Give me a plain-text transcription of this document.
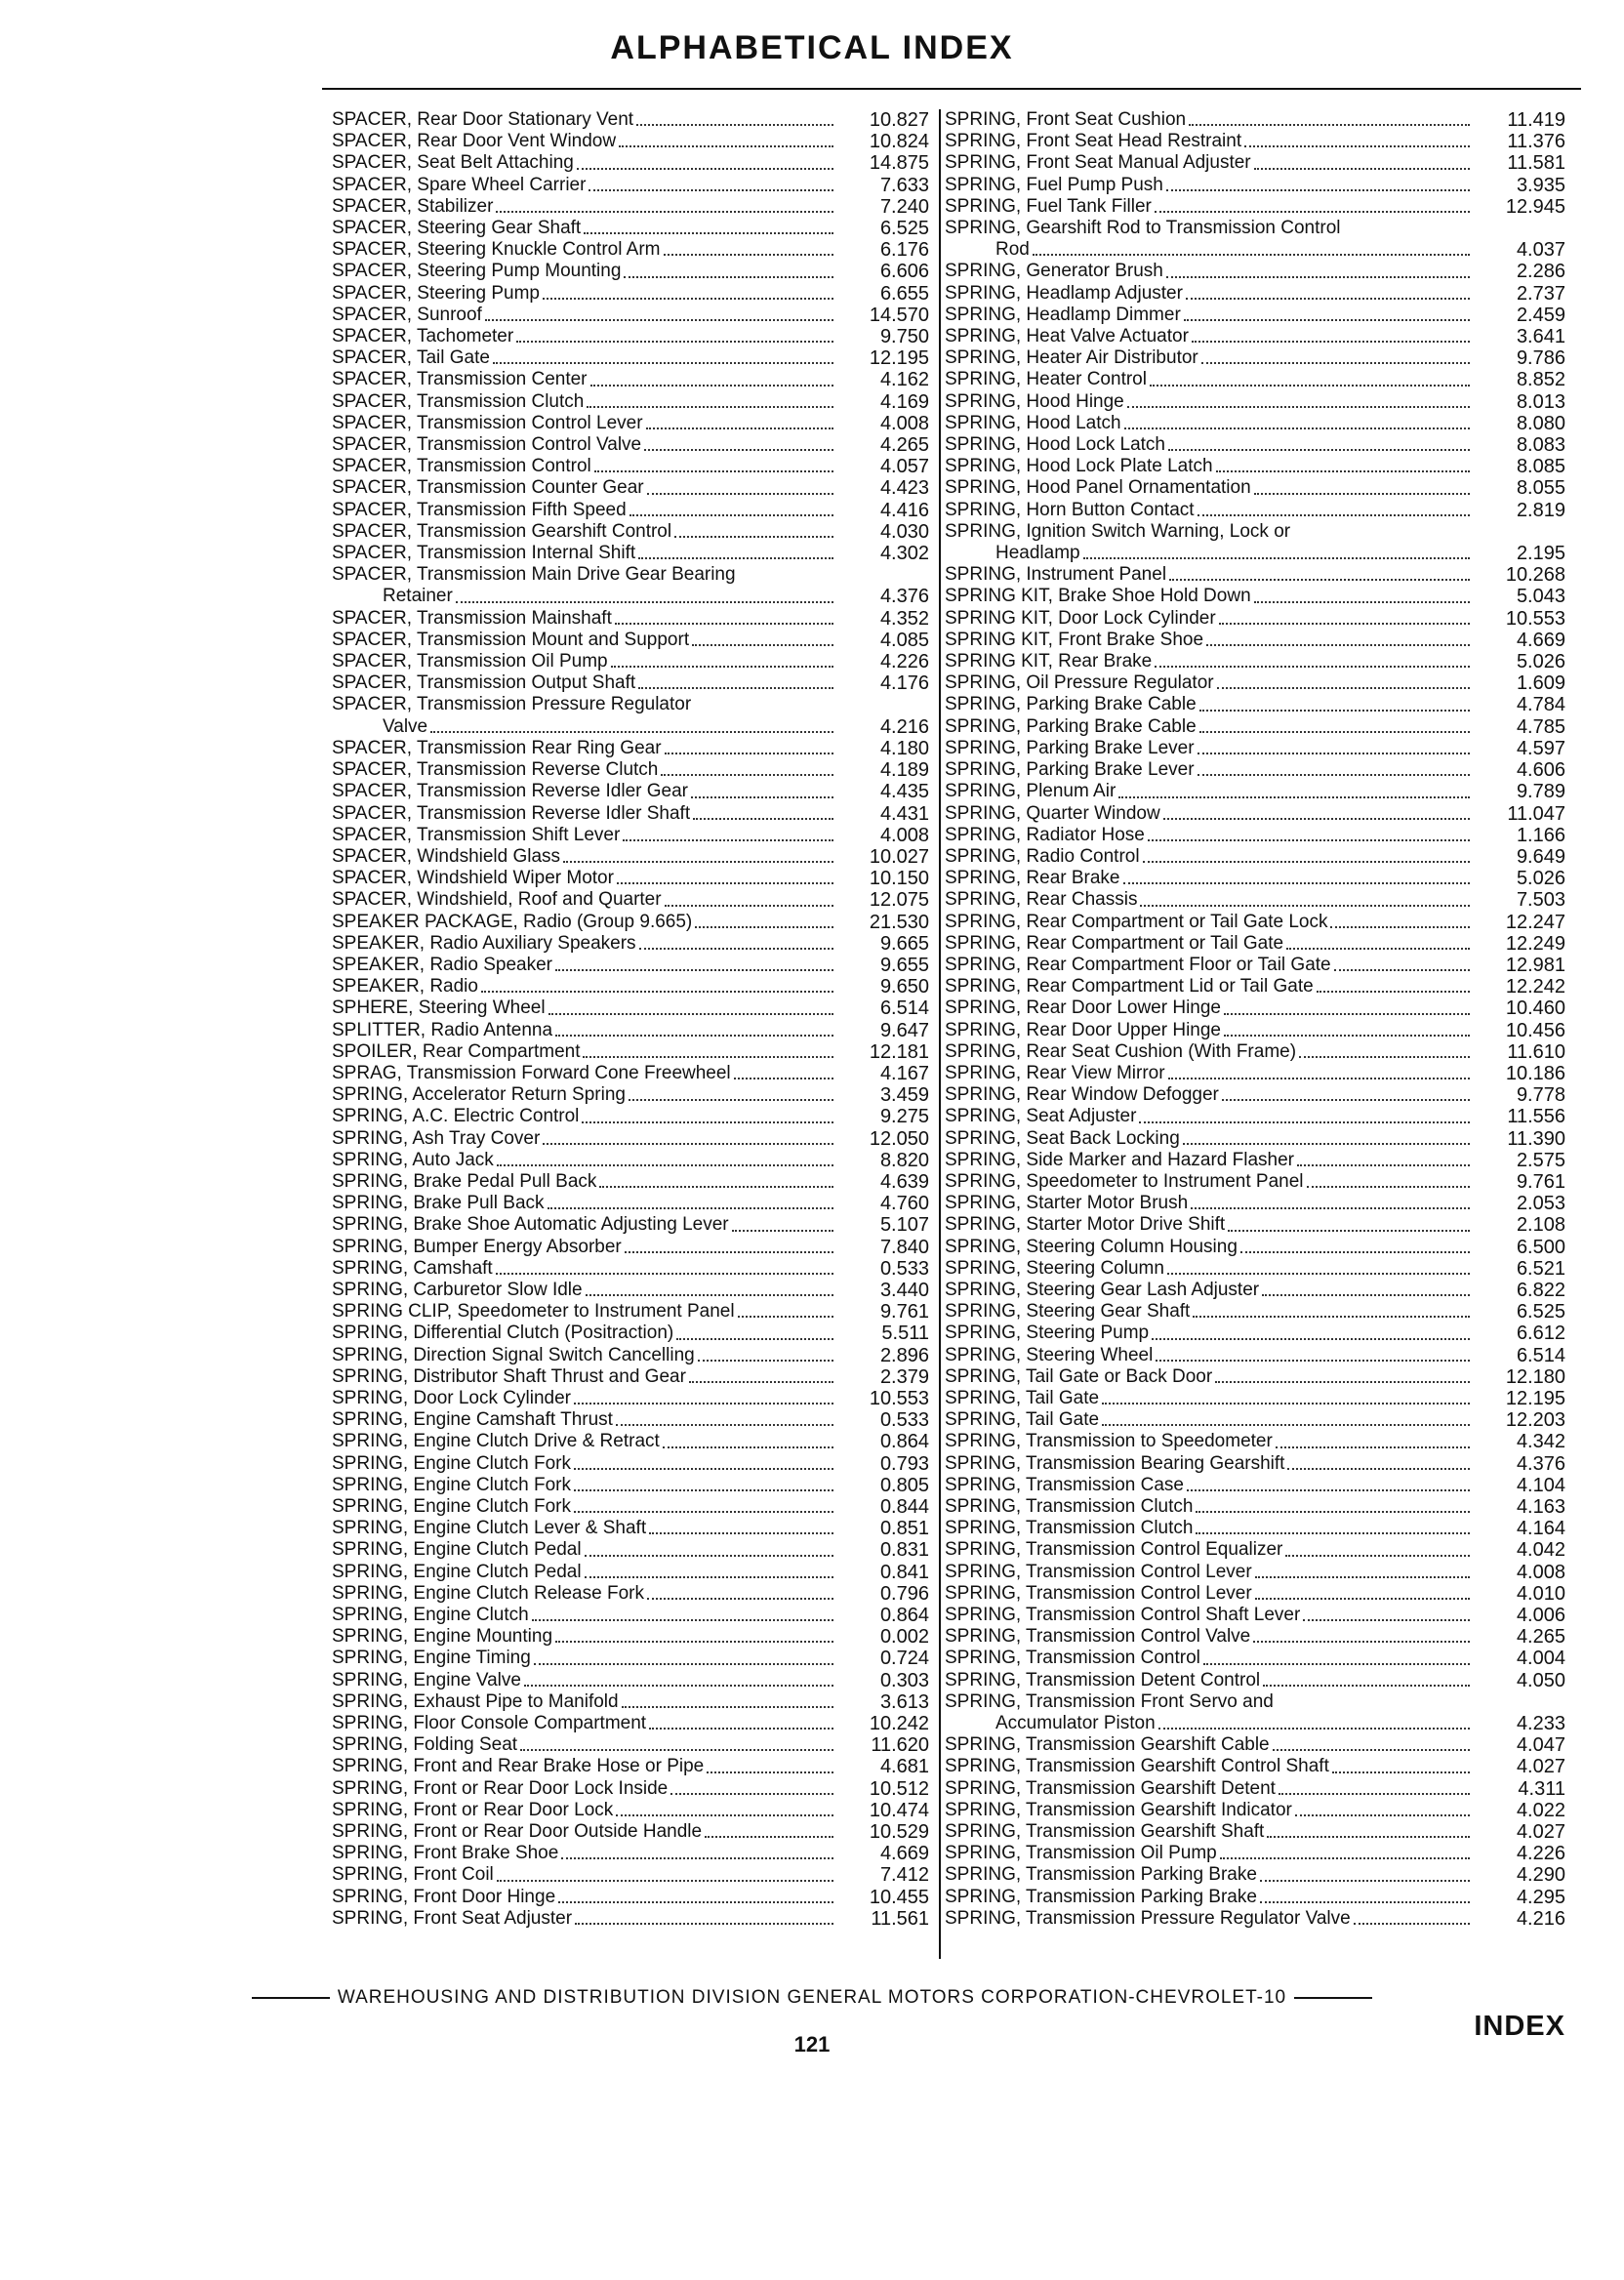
ALPHABETICAL INDEX
SPACER, Rear Door Stationary Vent	10.827
SPACER, Rear Door Vent Window	10.824
SPACER, Seat Belt Attaching	14.875
SPACER, Spare Wheel Carrier	7.633
SPACER, Stabilizer	7.240
SPACER, Steering Gear Shaft	6.525
SPACER, Steering Knuckle Control Arm	6.176
SPACER, Steering Pump Mounting	6.606
SPACER, Steering Pump	6.655
SPACER, Sunroof	14.570
SPACER, Tachometer	9.750
SPACER, Tail Gate	12.195
SPACER, Transmission Center	4.162
SPACER, Transmission Clutch	4.169
SPACER, Transmission Control Lever	4.008
SPACER, Transmission Control Valve	4.265
SPACER, Transmission Control	4.057
SPACER, Transmission Counter Gear	4.423
SPACER, Transmission Fifth Speed	4.416
SPACER, Transmission Gearshift Control	4.030
SPACER, Transmission Internal Shift	4.302
SPACER, Transmission Main Drive Gear Bearing
Retainer	4.376
SPACER, Transmission Mainshaft	4.352
SPACER, Transmission Mount and Support	4.085
SPACER, Transmission Oil Pump	4.226
SPACER, Transmission Output Shaft	4.176
SPACER, Transmission Pressure Regulator
Valve	4.216
SPACER, Transmission Rear Ring Gear	4.180
SPACER, Transmission Reverse Clutch	4.189
SPACER, Transmission Reverse Idler Gear	4.435
SPACER, Transmission Reverse Idler Shaft	4.431
SPACER, Transmission Shift Lever	4.008
SPACER, Windshield Glass	10.027
SPACER, Windshield Wiper Motor	10.150
SPACER, Windshield, Roof and Quarter	12.075
SPEAKER PACKAGE, Radio (Group 9.665)	21.530
SPEAKER, Radio Auxiliary Speakers	9.665
SPEAKER, Radio Speaker	9.655
SPEAKER, Radio	9.650
SPHERE, Steering Wheel	6.514
SPLITTER, Radio Antenna	9.647
SPOILER, Rear Compartment	12.181
SPRAG, Transmission Forward Cone Freewheel	4.167
SPRING, Accelerator Return Spring	3.459
SPRING, A.C. Electric Control	9.275
SPRING, Ash Tray Cover	12.050
SPRING, Auto Jack	8.820
SPRING, Brake Pedal Pull Back	4.639
SPRING, Brake Pull Back	4.760
SPRING, Brake Shoe Automatic Adjusting Lever	5.107
SPRING, Bumper Energy Absorber	7.840
SPRING, Camshaft	0.533
SPRING, Carburetor Slow Idle	3.440
SPRING CLIP, Speedometer to Instrument Panel	9.761
SPRING, Differential Clutch (Positraction)	5.511
SPRING, Direction Signal Switch Cancelling	2.896
SPRING, Distributor Shaft Thrust and Gear	2.379
SPRING, Door Lock Cylinder	10.553
SPRING, Engine Camshaft Thrust	0.533
SPRING, Engine Clutch Drive & Retract	0.864
SPRING, Engine Clutch Fork	0.793
SPRING, Engine Clutch Fork	0.805
SPRING, Engine Clutch Fork	0.844
SPRING, Engine Clutch Lever & Shaft	0.851
SPRING, Engine Clutch Pedal	0.831
SPRING, Engine Clutch Pedal	0.841
SPRING, Engine Clutch Release Fork	0.796
SPRING, Engine Clutch	0.864
SPRING, Engine Mounting	0.002
SPRING, Engine Timing	0.724
SPRING, Engine Valve	0.303
SPRING, Exhaust Pipe to Manifold	3.613
SPRING, Floor Console Compartment	10.242
SPRING, Folding Seat	11.620
SPRING, Front and Rear Brake Hose or Pipe	4.681
SPRING, Front or Rear Door Lock Inside	10.512
SPRING, Front or Rear Door Lock	10.474
SPRING, Front or Rear Door Outside Handle	10.529
SPRING, Front Brake Shoe	4.669
SPRING, Front Coil	7.412
SPRING, Front Door Hinge	10.455
SPRING, Front Seat Adjuster	11.561
SPRING, Front Seat Cushion	11.419
SPRING, Front Seat Head Restraint	11.376
SPRING, Front Seat Manual Adjuster	11.581
SPRING, Fuel Pump Push	3.935
SPRING, Fuel Tank Filler	12.945
SPRING, Gearshift Rod to Transmission Control
Rod	4.037
SPRING, Generator Brush	2.286
SPRING, Headlamp Adjuster	2.737
SPRING, Headlamp Dimmer	2.459
SPRING, Heat Valve Actuator	3.641
SPRING, Heater Air Distributor	9.786
SPRING, Heater Control	8.852
SPRING, Hood Hinge	8.013
SPRING, Hood Latch	8.080
SPRING, Hood Lock Latch	8.083
SPRING, Hood Lock Plate Latch	8.085
SPRING, Hood Panel Ornamentation	8.055
SPRING, Horn Button Contact	2.819
SPRING, Ignition Switch Warning, Lock or
Headlamp	2.195
SPRING, Instrument Panel	10.268
SPRING KIT, Brake Shoe Hold Down	5.043
SPRING KIT, Door Lock Cylinder	10.553
SPRING KIT, Front Brake Shoe	4.669
SPRING KIT, Rear Brake	5.026
SPRING, Oil Pressure Regulator	1.609
SPRING, Parking Brake Cable	4.784
SPRING, Parking Brake Cable	4.785
SPRING, Parking Brake Lever	4.597
SPRING, Parking Brake Lever	4.606
SPRING, Plenum Air	9.789
SPRING, Quarter Window	11.047
SPRING, Radiator Hose	1.166
SPRING, Radio Control	9.649
SPRING, Rear Brake	5.026
SPRING, Rear Chassis	7.503
SPRING, Rear Compartment or Tail Gate Lock	12.247
SPRING, Rear Compartment or Tail Gate	12.249
SPRING, Rear Compartment Floor or Tail Gate	12.981
SPRING, Rear Compartment Lid or Tail Gate	12.242
SPRING, Rear Door Lower Hinge	10.460
SPRING, Rear Door Upper Hinge	10.456
SPRING, Rear Seat Cushion (With Frame)	11.610
SPRING, Rear View Mirror	10.186
SPRING, Rear Window Defogger	9.778
SPRING, Seat Adjuster	11.556
SPRING, Seat Back Locking	11.390
SPRING, Side Marker and Hazard Flasher	2.575
SPRING, Speedometer to Instrument Panel	9.761
SPRING, Starter Motor Brush	2.053
SPRING, Starter Motor Drive Shift	2.108
SPRING, Steering Column Housing	6.500
SPRING, Steering Column	6.521
SPRING, Steering Gear Lash Adjuster	6.822
SPRING, Steering Gear Shaft	6.525
SPRING, Steering Pump	6.612
SPRING, Steering Wheel	6.514
SPRING, Tail Gate or Back Door	12.180
SPRING, Tail Gate	12.195
SPRING, Tail Gate	12.203
SPRING, Transmission to Speedometer	4.342
SPRING, Transmission Bearing Gearshift	4.376
SPRING, Transmission Case	4.104
SPRING, Transmission Clutch	4.163
SPRING, Transmission Clutch	4.164
SPRING, Transmission Control Equalizer	4.042
SPRING, Transmission Control Lever	4.008
SPRING, Transmission Control Lever	4.010
SPRING, Transmission Control Shaft Lever	4.006
SPRING, Transmission Control Valve	4.265
SPRING, Transmission Control	4.004
SPRING, Transmission Detent Control	4.050
SPRING, Transmission Front Servo and
Accumulator Piston	4.233
SPRING, Transmission Gearshift Cable	4.047
SPRING, Transmission Gearshift Control Shaft	4.027
SPRING, Transmission Gearshift Detent	4.311
SPRING, Transmission Gearshift Indicator	4.022
SPRING, Transmission Gearshift Shaft	4.027
SPRING, Transmission Oil Pump	4.226
SPRING, Transmission Parking Brake	4.290
SPRING, Transmission Parking Brake	4.295
SPRING, Transmission Pressure Regulator Valve	4.216
WAREHOUSING AND DISTRIBUTION DIVISION GENERAL MOTORS CORPORATION-CHEVROLET-10
INDEX
121
